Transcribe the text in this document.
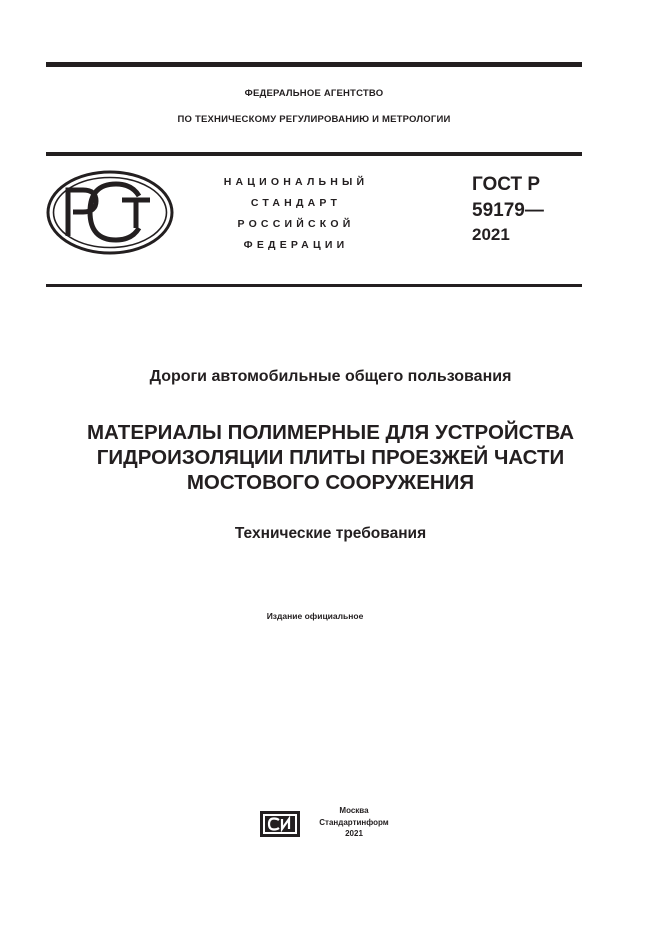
ФЕДЕРАЛЬНОЕ АГЕНТСТВО
ПО ТЕХНИЧЕСКОМУ РЕГУЛИРОВАНИЮ И МЕТРОЛОГИИ
НАЦИОНАЛЬНЫЙ
СТАНДАРТ
РОССИЙСКОЙ
ФЕДЕРАЦИИ
ГОСТ Р
59179—
2021
Дороги автомобильные общего пользования
МАТЕРИАЛЫ ПОЛИМЕРНЫЕ ДЛЯ УСТРОЙСТВА
ГИДРОИЗОЛЯЦИИ ПЛИТЫ ПРОЕЗЖЕЙ ЧАСТИ
МОСТОВОГО СООРУЖЕНИЯ
Технические требования
Издание официальное
Москва
Стандартинформ
2021
